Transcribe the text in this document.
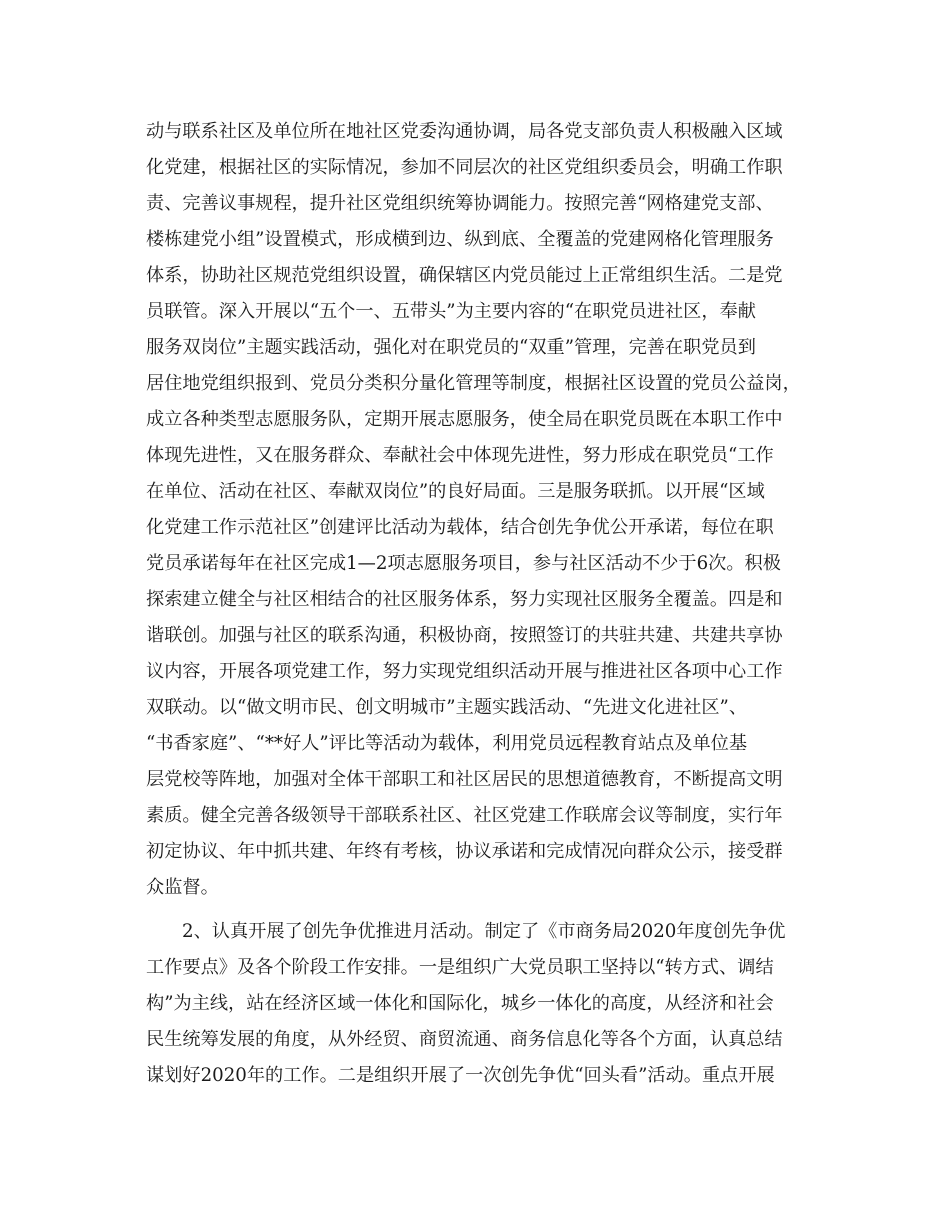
动与联系社区及单位所在地社区党委沟通协调，局各党支部负责人积极融入区域
化党建，根据社区的实际情况，参加不同层次的社区党组织委员会，明确工作职
责、完善议事规程，提升社区党组织统筹协调能力。按照完善“网格建党支部、
楼栋建党小组”设置模式，形成横到边、纵到底、全覆盖的党建网格化管理服务
体系，协助社区规范党组织设置，确保辖区内党员能过上正常组织生活。二是党
员联管。深入开展以“五个一、五带头”为主要内容的“在职党员进社区，奉献
服务双岗位”主题实践活动，强化对在职党员的“双重”管理，完善在职党员到
居住地党组织报到、党员分类积分量化管理等制度，根据社区设置的党员公益岗，
成立各种类型志愿服务队，定期开展志愿服务，使全局在职党员既在本职工作中
体现先进性，又在服务群众、奉献社会中体现先进性，努力形成在职党员“工作
在单位、活动在社区、奉献双岗位”的良好局面。三是服务联抓。以开展“区域
化党建工作示范社区”创建评比活动为载体，结合创先争优公开承诺，每位在职
党员承诺每年在社区完成1—2项志愿服务项目，参与社区活动不少于6次。积极
探索建立健全与社区相结合的社区服务体系，努力实现社区服务全覆盖。四是和
谐联创。加强与社区的联系沟通，积极协商，按照签订的共驻共建、共建共享协
议内容，开展各项党建工作，努力实现党组织活动开展与推进社区各项中心工作
双联动。以“做文明市民、创文明城市”主题实践活动、“先进文化进社区”、
“书香家庭”、“**好人”评比等活动为载体，利用党员远程教育站点及单位基
层党校等阵地，加强对全体干部职工和社区居民的思想道德教育，不断提高文明
素质。健全完善各级领导干部联系社区、社区党建工作联席会议等制度，实行年
初定协议、年中抓共建、年终有考核，协议承诺和完成情况向群众公示，接受群
众监督。
2、认真开展了创先争优推进月活动。制定了《市商务局2020年度创先争优
工作要点》及各个阶段工作安排。一是组织广大党员职工坚持以“转方式、调结
构”为主线，站在经济区域一体化和国际化，城乡一体化的高度，从经济和社会
民生统筹发展的角度，从外经贸、商贸流通、商务信息化等各个方面，认真总结
谋划好2020年的工作。二是组织开展了一次创先争优“回头看”活动。重点开展
